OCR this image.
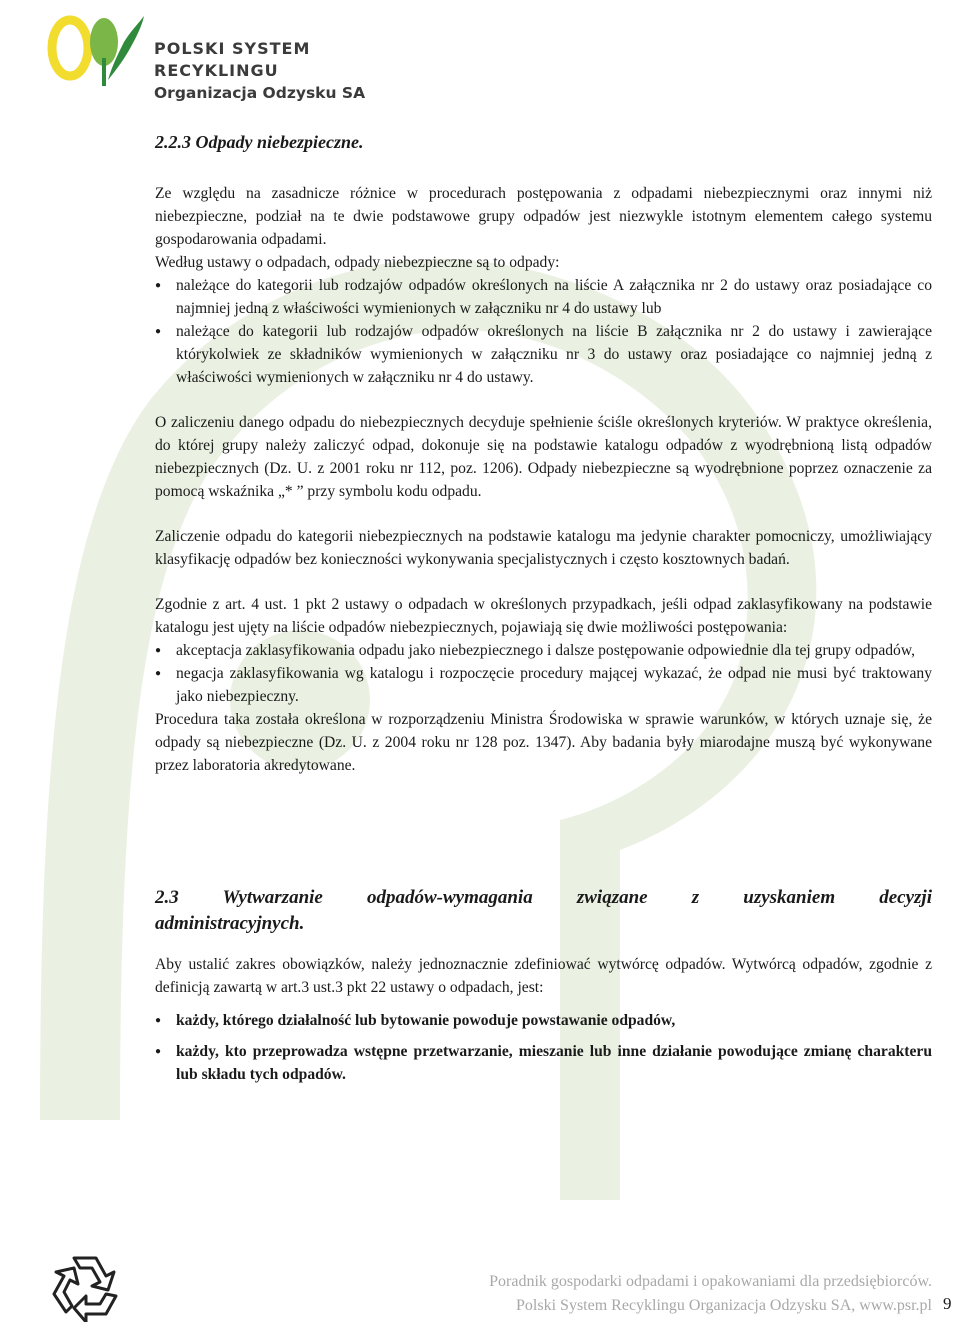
POLSKI SYSTEM RECYKLINGU
Organizacja Odzysku SA
2.2.3 Odpady niebezpieczne.

Ze względu na zasadnicze różnice w procedurach postępowania z odpadami niebezpiecznymi oraz innymi niż niebezpieczne, podział na te dwie podstawowe grupy odpadów jest niezwykle istotnym elementem całego systemu gospodarowania odpadami.

Według ustawy o odpadach, odpady niebezpieczne są to odpady:

● należące do kategorii lub rodzajów odpadów określonych na liście A załącznika nr 2 do ustawy oraz posiadające co najmniej jedną z właściwości wymienionych w załączniku nr 4 do ustawy lub
● należące do kategorii lub rodzajów odpadów określonych na liście B załącznika nr 2 do ustawy i zawierające którykolwiek ze składników wymienionych w załączniku nr 3 do ustawy oraz posiadające co najmniej jedną z właściwości wymienionych w załączniku nr 4 do ustawy.

O zaliczeniu danego odpadu do niebezpiecznych decyduje spełnienie ściśle określonych kryteriów. W praktyce określenia, do której grupy należy zaliczyć odpad, dokonuje się na podstawie katalogu odpadów z wyodrębnioną listą odpadów niebezpiecznych (Dz. U. z 2001 roku nr 112, poz. 1206). Odpady niebezpieczne są wyodrębnione poprzez oznaczenie za pomocą wskaźnika „* ” przy symbolu kodu odpadu.

Zaliczenie odpadu do kategorii niebezpiecznych na podstawie katalogu ma jedynie charakter pomocniczy, umożliwiający klasyfikację odpadów bez konieczności wykonywania specjalistycznych i często kosztownych badań.

Zgodnie z art. 4 ust. 1 pkt 2 ustawy o odpadach w określonych przypadkach, jeśli odpad zaklasyfikowany na podstawie katalogu jest ujęty na liście odpadów niebezpiecznych, pojawiają się dwie możliwości postępowania:

● akceptacja zaklasyfikowania odpadu jako niebezpiecznego i dalsze postępowanie odpowiednie dla tej grupy odpadów,
● negacja zaklasyfikowania wg katalogu i rozpoczęcie procedury mającej wykazać, że odpad nie musi być traktowany jako niebezpieczny.

Procedura taka została określona w rozporządzeniu Ministra Środowiska w sprawie warunków, w których uznaje się, że odpady są niebezpieczne (Dz. U. z 2004 roku nr 128 poz. 1347). Aby badania były miarodajne muszą być wykonywane przez laboratoria akredytowane.

2.3 Wytwarzanie odpadów-wymagania związane z uzyskaniem decyzji administracyjnych.

Aby ustalić zakres obowiązków, należy jednoznacznie zdefiniować wytwórcę odpadów. Wytwórcą odpadów, zgodnie z definicją zawartą w art.3 ust.3 pkt 22 ustawy o odpadach, jest:

● każdy, którego działalność lub bytowanie powoduje powstawanie odpadów,
● każdy, kto przeprowadza wstępne przetwarzanie, mieszanie lub inne działanie powodujące zmianę charakteru lub składu tych odpadów.
Poradnik gospodarki odpadami i opakowaniami dla przedsiębiorców.
Polski System Recyklingu Organizacja Odzysku SA, www.psr.pl 9
